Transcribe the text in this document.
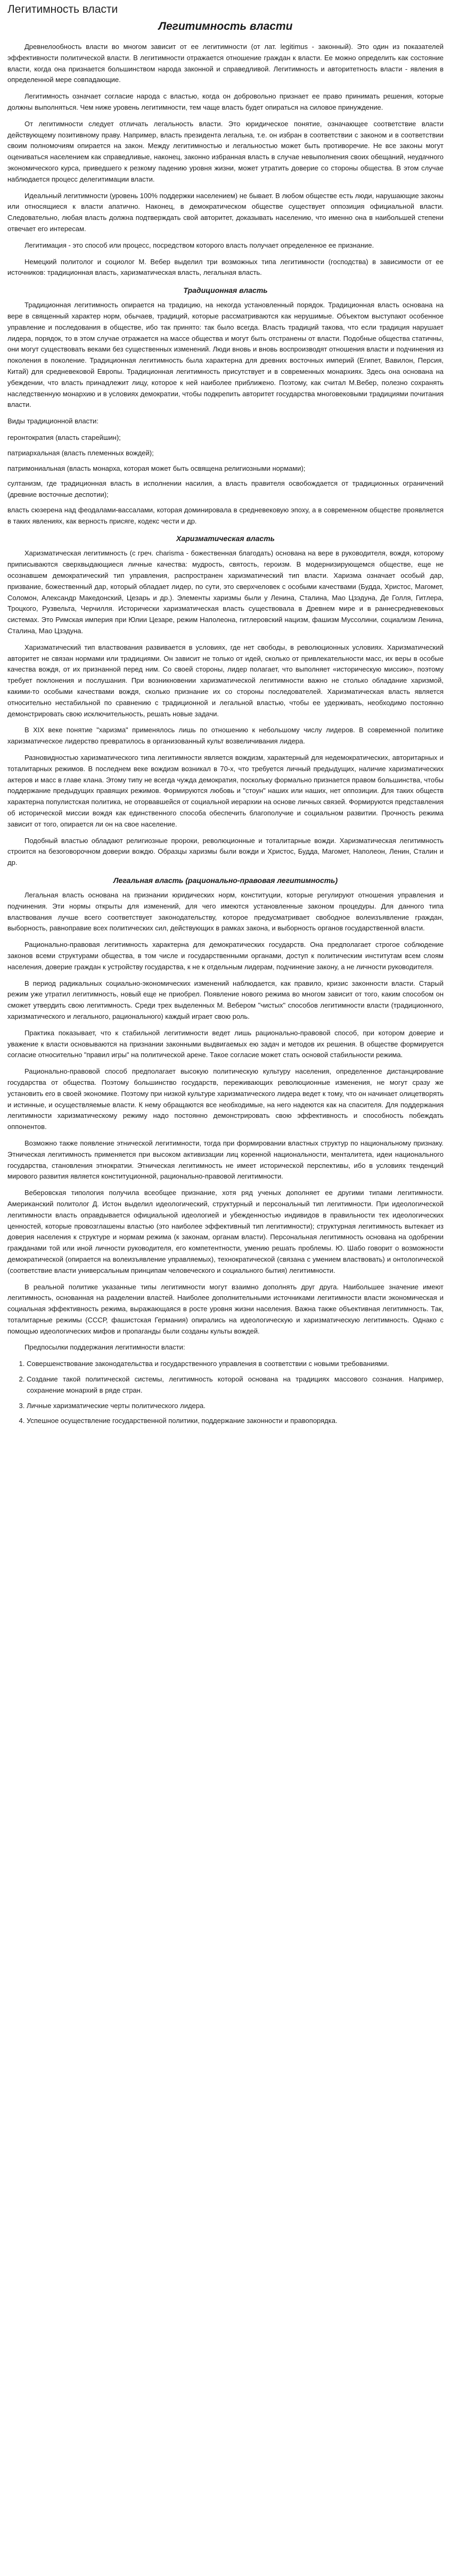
Легитимность власти
Легитимность власти

Древнелообность власти во многом зависит от ее легитимности (от лат. legitimus - законный). Это один из показателей эффективности политической власти. В легитимности отражается отношение граждан к власти. Ее можно определить как состояние власти, когда она признается большинством народа законной и справедливой. Легитимность и авторитетность власти - явления в определенной мере совпадающие.

Легитимность означает согласие народа с властью, когда он добровольно признает ее право принимать решения, которые должны выполняться. Чем ниже уровень легитимности, тем чаще власть будет опираться на силовое принуждение.

От легитимности следует отличать легальность власти. Это юридическое понятие, означающее соответствие власти действующему позитивному праву. Например, власть президента легальна, т.е. он избран в соответствии с законом и в соответствии своим полномочиям опирается на закон. Между легитимностью и легальностью может быть противоречие. Не все законы могут оцениваться населением как справедливые, наконец, законно избранная власть в случае невыполнения своих обещаний, неудачного экономического курса, приведшего к резкому падению уровня жизни, может утратить доверие со стороны общества. В этом случае наблюдается процесс делегитимации власти.

Идеальный легитимности (уровень 100% поддержки населением) не бывает. В любом обществе есть люди, нарушающие законы или относящиеся к власти апатично. Наконец, в демократическом обществе существует оппозиция официальной власти. Следовательно, любая власть должна подтверждать свой авторитет, доказывать населению, что именно она в наибольшей степени отвечает его интересам.

Легитимация - это способ или процесс, посредством которого власть получает определенное ее признание.

Немецкий политолог и социолог М. Вебер выделил три возможных типа легитимности (господства) в зависимости от ее источников: традиционная власть, харизматическая власть, легальная власть.

Традиционная власть

Традиционная легитимность опирается на традицию, на некогда установленный порядок. Традиционная власть основана на вере в священный характер норм, обычаев, традиций, которые рассматриваются как нерушимые. Объектом выступают особенное управление и последования в обществе, ибо так принято: так было всегда. Власть традиций такова, что если традиция нарушает лидера, порядок, то в этом случае отражается на массе общества и могут быть отстранены от власти. Подобные общества статичны, они могут существовать веками без существенных изменений. Люди вновь и вновь воспроизводят отношения власти и подчинения из поколения в поколение. Традиционная легитимность была характерна для древних восточных империй (Египет, Вавилон, Персия, Китай) для средневековой Европы. Традиционная легитимность присутствует и в современных монархиях. Здесь она основана на убеждении, что власть принадлежит лицу, которое к ней наиболее приближено. Поэтому, как считал М.Вебер, полезно сохранять наследственную монархию и в условиях демократии, чтобы подкрепить авторитет государства многовековыми традициями почитания власти.

Виды традиционной власти:

геронтократия (власть старейшин);
патриархальная (власть племенных вождей);
патримониальная (власть монарха, которая может быть освящена религиозными нормами);
султанизм, где традиционная власть в исполнении насилия, а власть правителя освобождается от традиционных ограничений (древние восточные деспотии);
власть сюзерена над феодалами-вассалами, которая доминировала в средневековую эпоху, а в современном обществе проявляется в таких явлениях, как верность присяге, кодекс чести и др.
Харизматическая власть

Харизматическая легитимность (с греч. charisma - божественная благодать) основана на вере в руководителя, вождя, которому приписываются сверхвыдающиеся личные качества: мудрость, святость, героизм. В модернизирующемся обществе, еще не осознавшем демократический тип управления, распространен харизматический тип власти. Харизма означает особый дар, призвание, божественный дар, который обладает лидер, по сути, это сверхчеловек с особыми качествами (Будда, Христос, Магомет, Соломон, Александр Македонский, Цезарь и др.). Элементы харизмы были у Ленина, Сталина, Мао Цзэдуна, Де Голля, Гитлера, Троцкого, Рузвельта, Черчилля. Исторически харизматическая власть существовала в Древнем мире и в раннесредневековых системах. Это Римская империя при Юлии Цезаре, режим Наполеона, гитлеровский нацизм, фашизм Муссолини, социализм Ленина, Сталина, Мао Цзэдуна.

Харизматический тип властвования развивается в условиях, где нет свободы, в революционных условиях. Харизматический авторитет не связан нормами или традициями. Он зависит не только от идей, сколько от привлекательности масс, их веры в особые качества вождя, от их признанной перед ним. Со своей стороны, лидер полагает, что выполняет «историческую миссию», поэтому требует поклонения и послушания. При возникновении харизматической легитимности важно не столько обладание харизмой, какими-то особыми качествами вождя, сколько признание их со стороны последователей. Харизматическая власть является относительно нестабильной по сравнению с традиционной и легальной властью, чтобы ее удерживать, необходимо постоянно демонстрировать свою исключительность, решать новые задачи.

В XIX веке понятие "харизма" применялось лишь по отношению к небольшому числу лидеров. В современной политике харизматическое лидерство превратилось в организованный культ возвеличивания лидера.

Разновидностью харизматического типа легитимности является вождизм, характерный для недемократических, авторитарных и тоталитарных режимов. В последнем веке вождизм возникал в 70-х, что требуется личный предыдущих, наличие харизматических актеров и масс в главе клана. Этому типу не всегда чужда демократия, поскольку формально признается правом большинства, чтобы поддержание предыдущих правящих режимов. Формируются любовь и "стоун" наших или наших, нет оппозиции. Для таких обществ характерна популистская политика, не оторвавшейся от социальной иерархии на основе личных связей. Формируются представления об исторической миссии вождя как единственного способа обеспечить благополучие и социальном развитии. Прочность режима зависит от того, опирается ли он на свое население.

Подобный властью обладают религиозные пророки, революционные и тоталитарные вожди. Харизматическая легитимность строится на безоговорочном доверии вождю. Образцы харизмы были вожди и Христос, Будда, Магомет, Наполеон, Ленин, Сталин и др.

Легальная власть (рационально-правовая легитимность)

Легальная власть основана на признании юридических норм, конституции, которые регулируют отношения управления и подчинения. Эти нормы открыты для изменений, для чего имеются установленные законом процедуры. Для данного типа властвования лучше всего соответствует законодательству, которое предусматривает свободное волеизъявление граждан, выборность, равноправие всех политических сил, действующих в рамках закона, и выборность органов государственной власти.

Рационально-правовая легитимность характерна для демократических государств. Она предполагает строгое соблюдение законов всеми структурами общества, в том числе и государственными органами, доступ к политическим институтам всем слоям населения, доверие граждан к устройству государства, к не к отдельным лидерам, подчинение закону, а не личности руководителя.

В период радикальных социально-экономических изменений наблюдается, как правило, кризис законности власти. Старый режим уже утратил легитимность, новый еще не приобрел. Появление нового режима во многом зависит от того, каким способом он сможет утвердить свою легитимность. Среди трех выделенных М. Вебером "чистых" способов легитимности власти (традиционного, харизматического и легального, рационального) каждый играет свою роль.

Практика показывает, что к стабильной легитимности ведет лишь рационально-правовой способ, при котором доверие и уважение к власти основываются на признании законными выдвигаемых ею задач и методов их решения. В обществе формируется согласие относительно "правил игры" на политической арене. Такое согласие может стать основой стабильности режима.

Рационально-правовой способ предполагает высокую политическую культуру населения, определенное дистанцирование государства от общества. Поэтому большинство государств, переживающих революционные изменения, не могут сразу же установить его в своей экономике. Поэтому при низкой культуре харизматического лидера ведет к тому, что он начинает олицетворять и истинные, и осуществляемые власти. К нему обращаются все необходимые, на него надеются как на спасителя. Для поддержания легитимности харизматическому режиму надо постоянно демонстрировать свою эффективность и способность побеждать оппонентов.

Возможно также появление этнической легитимности, тогда при формировании властных структур по национальному признаку. Этническая легитимность применяется при высоком активизации лиц коренной национальности, менталитета, идеи национального государства, становления этнократии. Этническая легитимность не имеет исторической перспективы, ибо в условиях тенденций мирового развития является конституционной, рационально-правовой легитимности.

Веберовская типология получила всеобщее признание, хотя ряд ученых дополняет ее другими типами легитимности. Американский политолог Д. Истон выделил идеологический, структурный и персональный тип легитимности. При идеологической легитимности власть оправдывается официальной идеологией и убежденностью индивидов в правильности тех идеологических ценностей, которые провозглашены властью (это наиболее эффективный тип легитимности); структурная легитимность вытекает из доверия населения к структуре и нормам режима (к законам, органам власти). Персональная легитимность основана на одобрении гражданами той или иной личности руководителя, его компетентности, умению решать проблемы. Ю. Шабо говорит о возможности демократической (опирается на волеизъявление управляемых), технократической (связана с умением властвовать) и онтологической (соответствие власти универсальным принципам человеческого и социального бытия) легитимности.

В реальной политике указанные типы легитимности могут взаимно дополнять друг друга. Наибольшее значение имеют легитимность, основанная на разделении властей. Наиболее дополнительными источниками легитимности власти экономическая и социальная эффективность режима, выражающаяся в росте уровня жизни населения. Важна также объективная легитимность. Так, тоталитарные режимы (СССР, фашистская Германия) опирались на идеологическую и харизматическую легитимность. Однако с помощью идеологических мифов и пропаганды были созданы культы вождей.

Предпосылки поддержания легитимности власти:

1. Совершенствование законодательства и государственного управления в соответствии с новыми требованиями.
2. Создание такой политической системы, легитимность которой основана на традициях массового сознания. Например, сохранение монархий в ряде стран.
3. Личные харизматические черты политического лидера.
4. Успешное осуществление государственной политики, поддержание законности и правопорядка.
